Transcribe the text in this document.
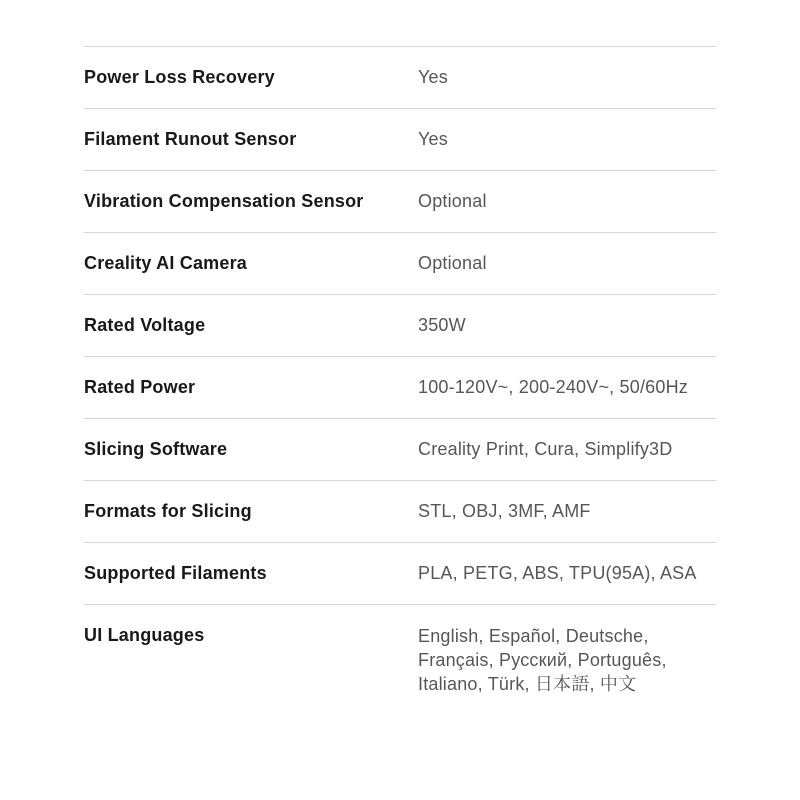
Power Loss Recovery	Yes
Filament Runout Sensor	Yes
Vibration Compensation Sensor	Optional
Creality AI Camera	Optional
Rated Voltage	350W
Rated Power	100-120V~, 200-240V~, 50/60Hz
Slicing Software	Creality Print, Cura, Simplify3D
Formats for Slicing	STL, OBJ, 3MF, AMF
Supported Filaments	PLA, PETG, ABS, TPU(95A), ASA
UI Languages	English, Español, Deutsche,
Français, Русский, Português,
Italiano, Türk, 日本語, 中文
